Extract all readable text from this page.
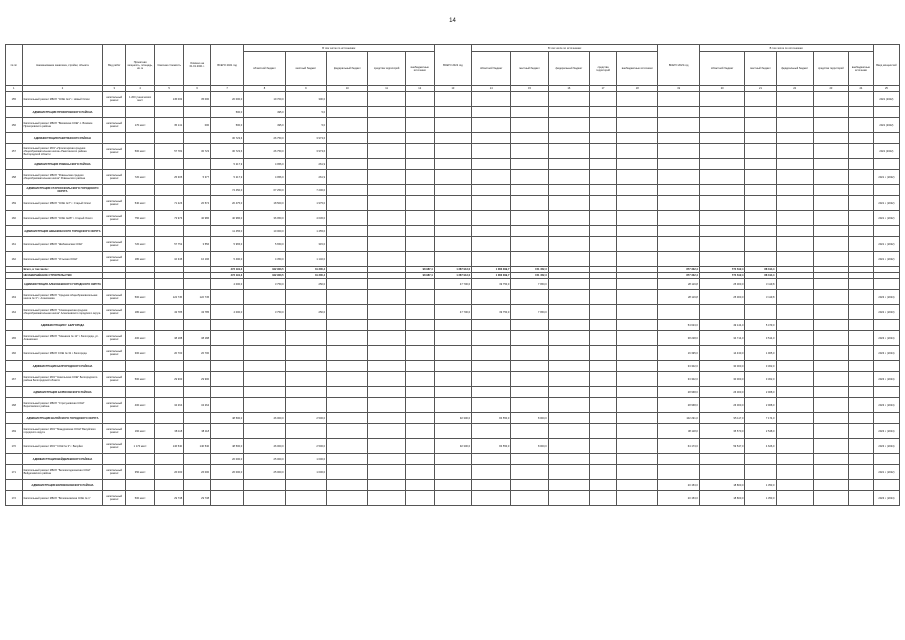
14
№ пп	Наименование заказчика, стройки, объекта	Вид работ	Проектная мощность, площадь, кв. м	Сметная стоимость	Освоено на 01.01.2021 г.	ВСЕГО 2021 год	В том числе по источникам:					ВСЕГО 2022 год	В том числе по источникам:					ВСЕГО 2023 год	В том числе по источникам:					Ввод мощностей
							областной бюджет	местный бюджет	федеральный бюджет	средства территорий	внебюджетные источники		областной бюджет	местный бюджет	федеральный бюджет	средства территорий	внебюджетные источники		областной бюджет	местный бюджет	федеральный бюджет	средства территорий	внебюджетные источники	
1	2	3	4	5	6	7	8	9	10	11	12	13	14	15	16	17	18	19	20	21	22	23	24	25
155	Капитальный ремонт МБОУ "СОШ №1" г. Новый Оскол	капитальный ремонт	1 200 ученических мест	145 003	35 000	20 000,0	19 700,0	300,0																2021 (2022)
	АДМИНИСТРАЦИЯ ПРОХОРОВСКОГО РАЙОНА					500,0	495,0	5,0																
156	Капитальный ремонт МБОУ "Вязовская СОШ" с. Вязовое Прохоровского района	капитальный ремонт	170 мест	35 141	000	500,0	495,0	5,0																2021 (2022)
	АДМИНИСТРАЦИЯ РАКИТЯНСКОГО РАЙОНА					30 723,6	26 750,0	3 973,6																
157	Капитальный ремонт МОУ «Пролетарская средняя общеобразовательная школа» Ракитянского района Белгородской области	капитальный ремонт	500 мест	57 782	30 723	30 723,6	26 750,0	3 973,6																2021 (2022)
	АДМИНИСТРАЦИЯ РОВЕНЬСКОГО РАЙОНА					5 217,9	4 956,0	261,9																
158	Капитальный ремонт МБОУ "Ровеньская средняя общеобразовательная школа" Ровеньского района	капитальный ремонт	720 мест	25 305	5 377	5 217,9	4 956,0	261,9																2021 г. (2022)
	АДМИНИСТРАЦИЯ СТАРООСКОЛЬСКОГО ГОРОДСКОГО ОКРУГА					74 450,0	67 250,0	7 200,0																
159	Капитальный ремонт МБОУ "СОШ №7" г. Старый Оскол	капитальный ремонт	540 мест	71 226	20 574	20 475,0	18 500,0	1 975,0																2021 г. (2022)
160	Капитальный ремонт МБОУ "СОШ №28" г. Старый Оскол	капитальный ремонт	750 мест	73 976	40 986	40 986,0	36 950,0	4 036,0																2021 г. (2022)
	АДМИНИСТРАЦИЯ ШЕБЕКИНСКОГО ГОРОДСКОГО ОКРУГА					11 455,0	10 000,0	1 455,0																
161	Капитальный ремонт МБОУ "Шебекинская СОШ"	капитальный ремонт	720 мест	57 752	3 556	5 965,0	5 650,0	315,0																2021 г. (2022)
162	Капитальный ремонт МБОУ "Устьская ООШ"	капитальный ремонт	180 мест	10 345	10 196	5 490,0	4 350,0	1 140,0																2021 г. (2022)
	Всего, в том числе:					473 191,3	342 903,5	31 300,4			98 987,4	1 287 913,0	1 083 099,7	151 452,3				877 332,4	774 612,4	88 314,4				
	НЕЗАВЕРШЁННОЕ СТРОИТЕЛЬСТВО					473 191,3	342 903,5	31 300,4			98 987,4	1 287 913,0	1 083 099,7	151 452,3				877 332,4	774 612,4	88 314,4				
	АДМИНИСТРАЦИЯ АЛЕКСЕЕВСКОГО ГОРОДСКОГО ОКРУГА					4 000,0	3 750,0	250,0				47 700,0	39 750,0	7 950,0				28 119,8	25 000,0	3 119,8				
163	Капитальный ремонт МБОУ "Средняя общеобразовательная школа № 3" г. Алексеевка	капитальный ремонт	500 мест	122 745	122 745													28 119,8	25 000,0	3 119,8				2023 г. (2024)
164	Капитальный ремонт МБОУ "Хлевищенская средняя общеобразовательная школа" Алексеевского городского округа	капитальный ремонт	180 мест	43 785	43 785	4 000,0	3 750,0	250,0				47 700,0	39 750,0	7 950,0										2022 г. (2023)
	АДМИНИСТРАЦИЯ Г. БЕЛГОРОДА																	54 623,0	49 144,0	5 479,0				
165	Капитальный ремонт МБОУ "Гимназия № 12" г. Белгорода, ул. Апанасенко	капитальный ремонт	400 мест	38 188	38 188													38 228,0	34 714,0	3 514,0				2023 г. (2024)
166	Капитальный ремонт МБОУ СОШ № 31 г. Белгорода	капитальный ремонт	300 мест	20 700	20 700													16 395,0	14 430,0	1 965,0				2023 г. (2024)
	АДМИНИСТРАЦИЯ БЕЛГОРОДСКОГО РАЙОНА																	33 302,0	30 000,0	3 302,0				
167	Капитальный ремонт МОУ "Никольская СОШ" Белгородского района Белгородской области	капитальный ремонт	500 мест	29 900	29 900													33 302,0	30 000,0	3 302,0				2023 г. (2024)
	АДМИНИСТРАЦИЯ БОРИСОВСКОГО РАЙОНА																	28 968,0	26 000,0	2 968,0				
168	Капитальный ремонт МБОУ "Стригуновская СОШ" Борисовского района	капитальный ремонт	400 мест	34 264	34 264													28 968,0	26 000,0	2 968,0				2023 г. (2024)
	АДМИНИСТРАЦИЯ ВАЛУЙСКОГО ГОРОДСКОГО ОКРУГА					48 500,0	46 000,0	2 500,0				92 300,0	84 550,0	8 000,0				102 291,0	95 117,0	7 174,0				
169	Капитальный ремонт МОУ "Мандровская ООШ" Валуйского городского округа	капитальный ремонт	160 мест	38 118	38 118													38 118,0	35 570,0	2 548,0				2023 г. (2024)
170	Капитальный ремонт МОУ "СОШ № 3" г. Валуйки	капитальный ремонт	1 170 мест	146 540	146 540	48 500,0	46 000,0	2 500,0				92 300,0	84 550,0	8 000,0				64 173,0	59 547,0	4 626,0				2023 г. (2024)
	АДМИНИСТРАЦИЯ ВЕЙДЕЛЕВСКОГО РАЙОНА					26 000,0	25 000,0	1 000,0																
171	Капитальный ремонт МБОУ "Белоколодезянская СОШ" Вейделевского района	капитальный ремонт	350 мест	26 000	26 000	26 000,0	25 000,0	1 000,0																2021 г. (2022)
	АДМИНИСТРАЦИЯ ВОЛОКОНОВСКОГО РАЙОНА																	20 153,0	18 800,0	1 353,0				
172	Капитальный ремонт МБОУ "Волоконовская СОШ № 1"	капитальный ремонт	500 мест	29 738	29 738													20 153,0	18 800,0	1 353,0				2023 г. (2024)
